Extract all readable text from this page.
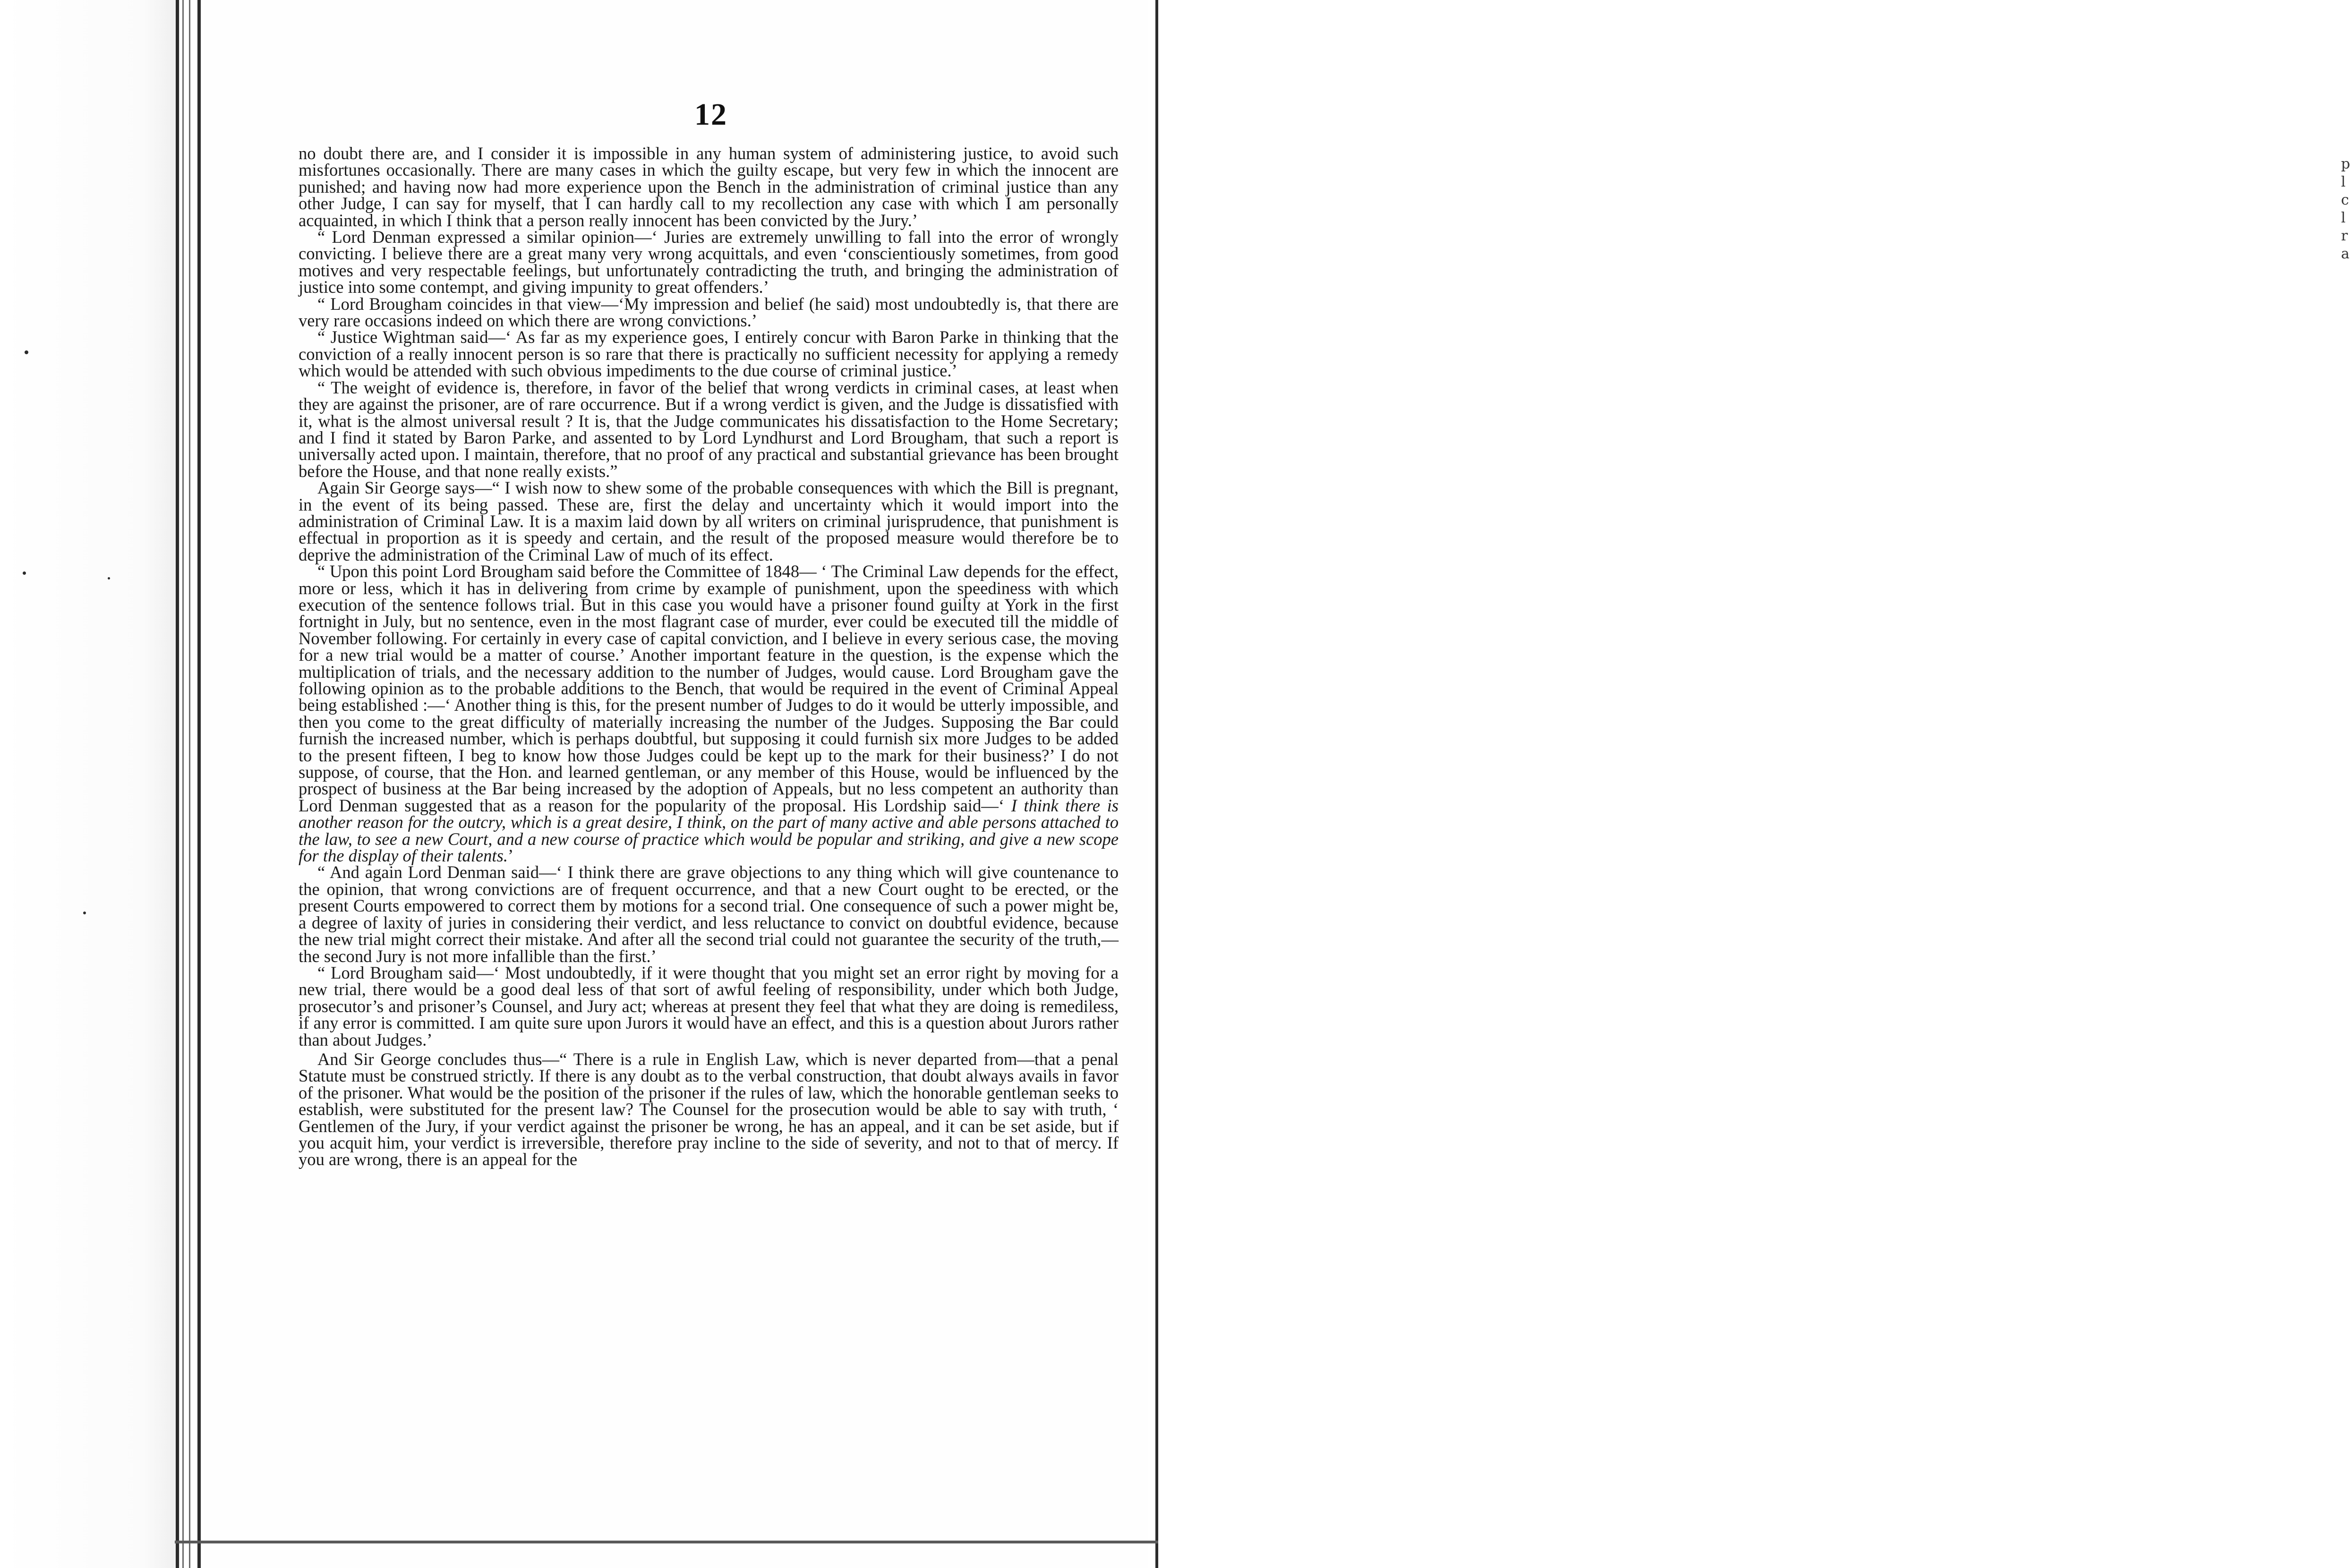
p
l
c
l
r
a
12

no doubt there are, and I consider it is impossible in any human system of administering justice, to avoid such misfortunes occasionally. There are many cases in which the guilty escape, but very few in which the innocent are punished; and having now had more experience upon the Bench in the administration of criminal justice than any other Judge, I can say for myself, that I can hardly call to my recollection any case with which I am personally acquainted, in which I think that a person really innocent has been convicted by the Jury.’

“ Lord Denman expressed a similar opinion—‘ Juries are extremely unwilling to fall into the error of wrongly convicting. I believe there are a great many very wrong acquittals, and even ‘conscientiously sometimes, from good motives and very respectable feelings, but unfortunately contradicting the truth, and bringing the administration of justice into some contempt, and giving impunity to great offenders.’

“ Lord Brougham coincides in that view—‘My impression and belief (he said) most undoubtedly is, that there are very rare occasions indeed on which there are wrong convictions.’

“ Justice Wightman said—‘ As far as my experience goes, I entirely concur with Baron Parke in thinking that the conviction of a really innocent person is so rare that there is practically no sufficient necessity for applying a remedy which would be attended with such obvious impediments to the due course of criminal justice.’

“ The weight of evidence is, therefore, in favor of the belief that wrong verdicts in criminal cases, at least when they are against the prisoner, are of rare occurrence. But if a wrong verdict is given, and the Judge is dissatisfied with it, what is the almost universal result ? It is, that the Judge communicates his dissatisfaction to the Home Secretary; and I find it stated by Baron Parke, and assented to by Lord Lyndhurst and Lord Brougham, that such a report is universally acted upon. I maintain, therefore, that no proof of any practical and substantial grievance has been brought before the House, and that none really exists.”

Again Sir George says—“ I wish now to shew some of the probable consequences with which the Bill is pregnant, in the event of its being passed. These are, first the delay and uncertainty which it would import into the administration of Criminal Law. It is a maxim laid down by all writers on criminal jurisprudence, that punishment is effectual in proportion as it is speedy and certain, and the result of the proposed measure would therefore be to deprive the administration of the Criminal Law of much of its effect.

“ Upon this point Lord Brougham said before the Committee of 1848— ‘ The Criminal Law depends for the effect, more or less, which it has in delivering from crime by example of punishment, upon the speediness with which execution of the sentence follows trial. But in this case you would have a prisoner found guilty at York in the first fortnight in July, but no sentence, even in the most flagrant case of murder, ever could be executed till the middle of November following. For certainly in every case of capital conviction, and I believe in every serious case, the moving for a new trial would be a matter of course.’ Another important feature in the question, is the expense which the multiplication of trials, and the necessary addition to the number of Judges, would cause. Lord Brougham gave the following opinion as to the probable additions to the Bench, that would be required in the event of Criminal Appeal being established :—‘ Another thing is this, for the present number of Judges to do it would be utterly impossible, and then you come to the great difficulty of materially increasing the number of the Judges. Supposing the Bar could furnish the increased number, which is perhaps doubtful, but supposing it could furnish six more Judges to be added to the present fifteen, I beg to know how those Judges could be kept up to the mark for their business?’ I do not suppose, of course, that the Hon. and learned gentleman, or any member of this House, would be influenced by the prospect of business at the Bar being increased by the adoption of Appeals, but no less competent an authority than Lord Denman suggested that as a reason for the popularity of the proposal. His Lordship said—‘ I think there is another reason for the outcry, which is a great desire, I think, on the part of many active and able persons attached to the law, to see a new Court, and a new course of practice which would be popular and striking, and give a new scope for the display of their talents.’

“ And again Lord Denman said—‘ I think there are grave objections to any thing which will give countenance to the opinion, that wrong convictions are of frequent occurrence, and that a new Court ought to be erected, or the present Courts empowered to correct them by motions for a second trial. One consequence of such a power might be, a degree of laxity of juries in considering their verdict, and less reluctance to convict on doubtful evidence, because the new trial might correct their mistake. And after all the second trial could not guarantee the security of the truth,—the second Jury is not more infallible than the first.’

“ Lord Brougham said—‘ Most undoubtedly, if it were thought that you might set an error right by moving for a new trial, there would be a good deal less of that sort of awful feeling of responsibility, under which both Judge, prosecutor’s and prisoner’s Counsel, and Jury act; whereas at present they feel that what they are doing is remediless, if any error is committed. I am quite sure upon Jurors it would have an effect, and this is a question about Jurors rather than about Judges.’

And Sir George concludes thus—“ There is a rule in English Law, which is never departed from—that a penal Statute must be construed strictly. If there is any doubt as to the verbal construction, that doubt always avails in favor of the prisoner. What would be the position of the prisoner if the rules of law, which the honorable gentleman seeks to establish, were substituted for the present law? The Counsel for the prosecution would be able to say with truth, ‘ Gentlemen of the Jury, if your verdict against the prisoner be wrong, he has an appeal, and it can be set aside, but if you acquit him, your verdict is irreversible, therefore pray incline to the side of severity, and not to that of mercy. If you are wrong, there is an appeal for the
